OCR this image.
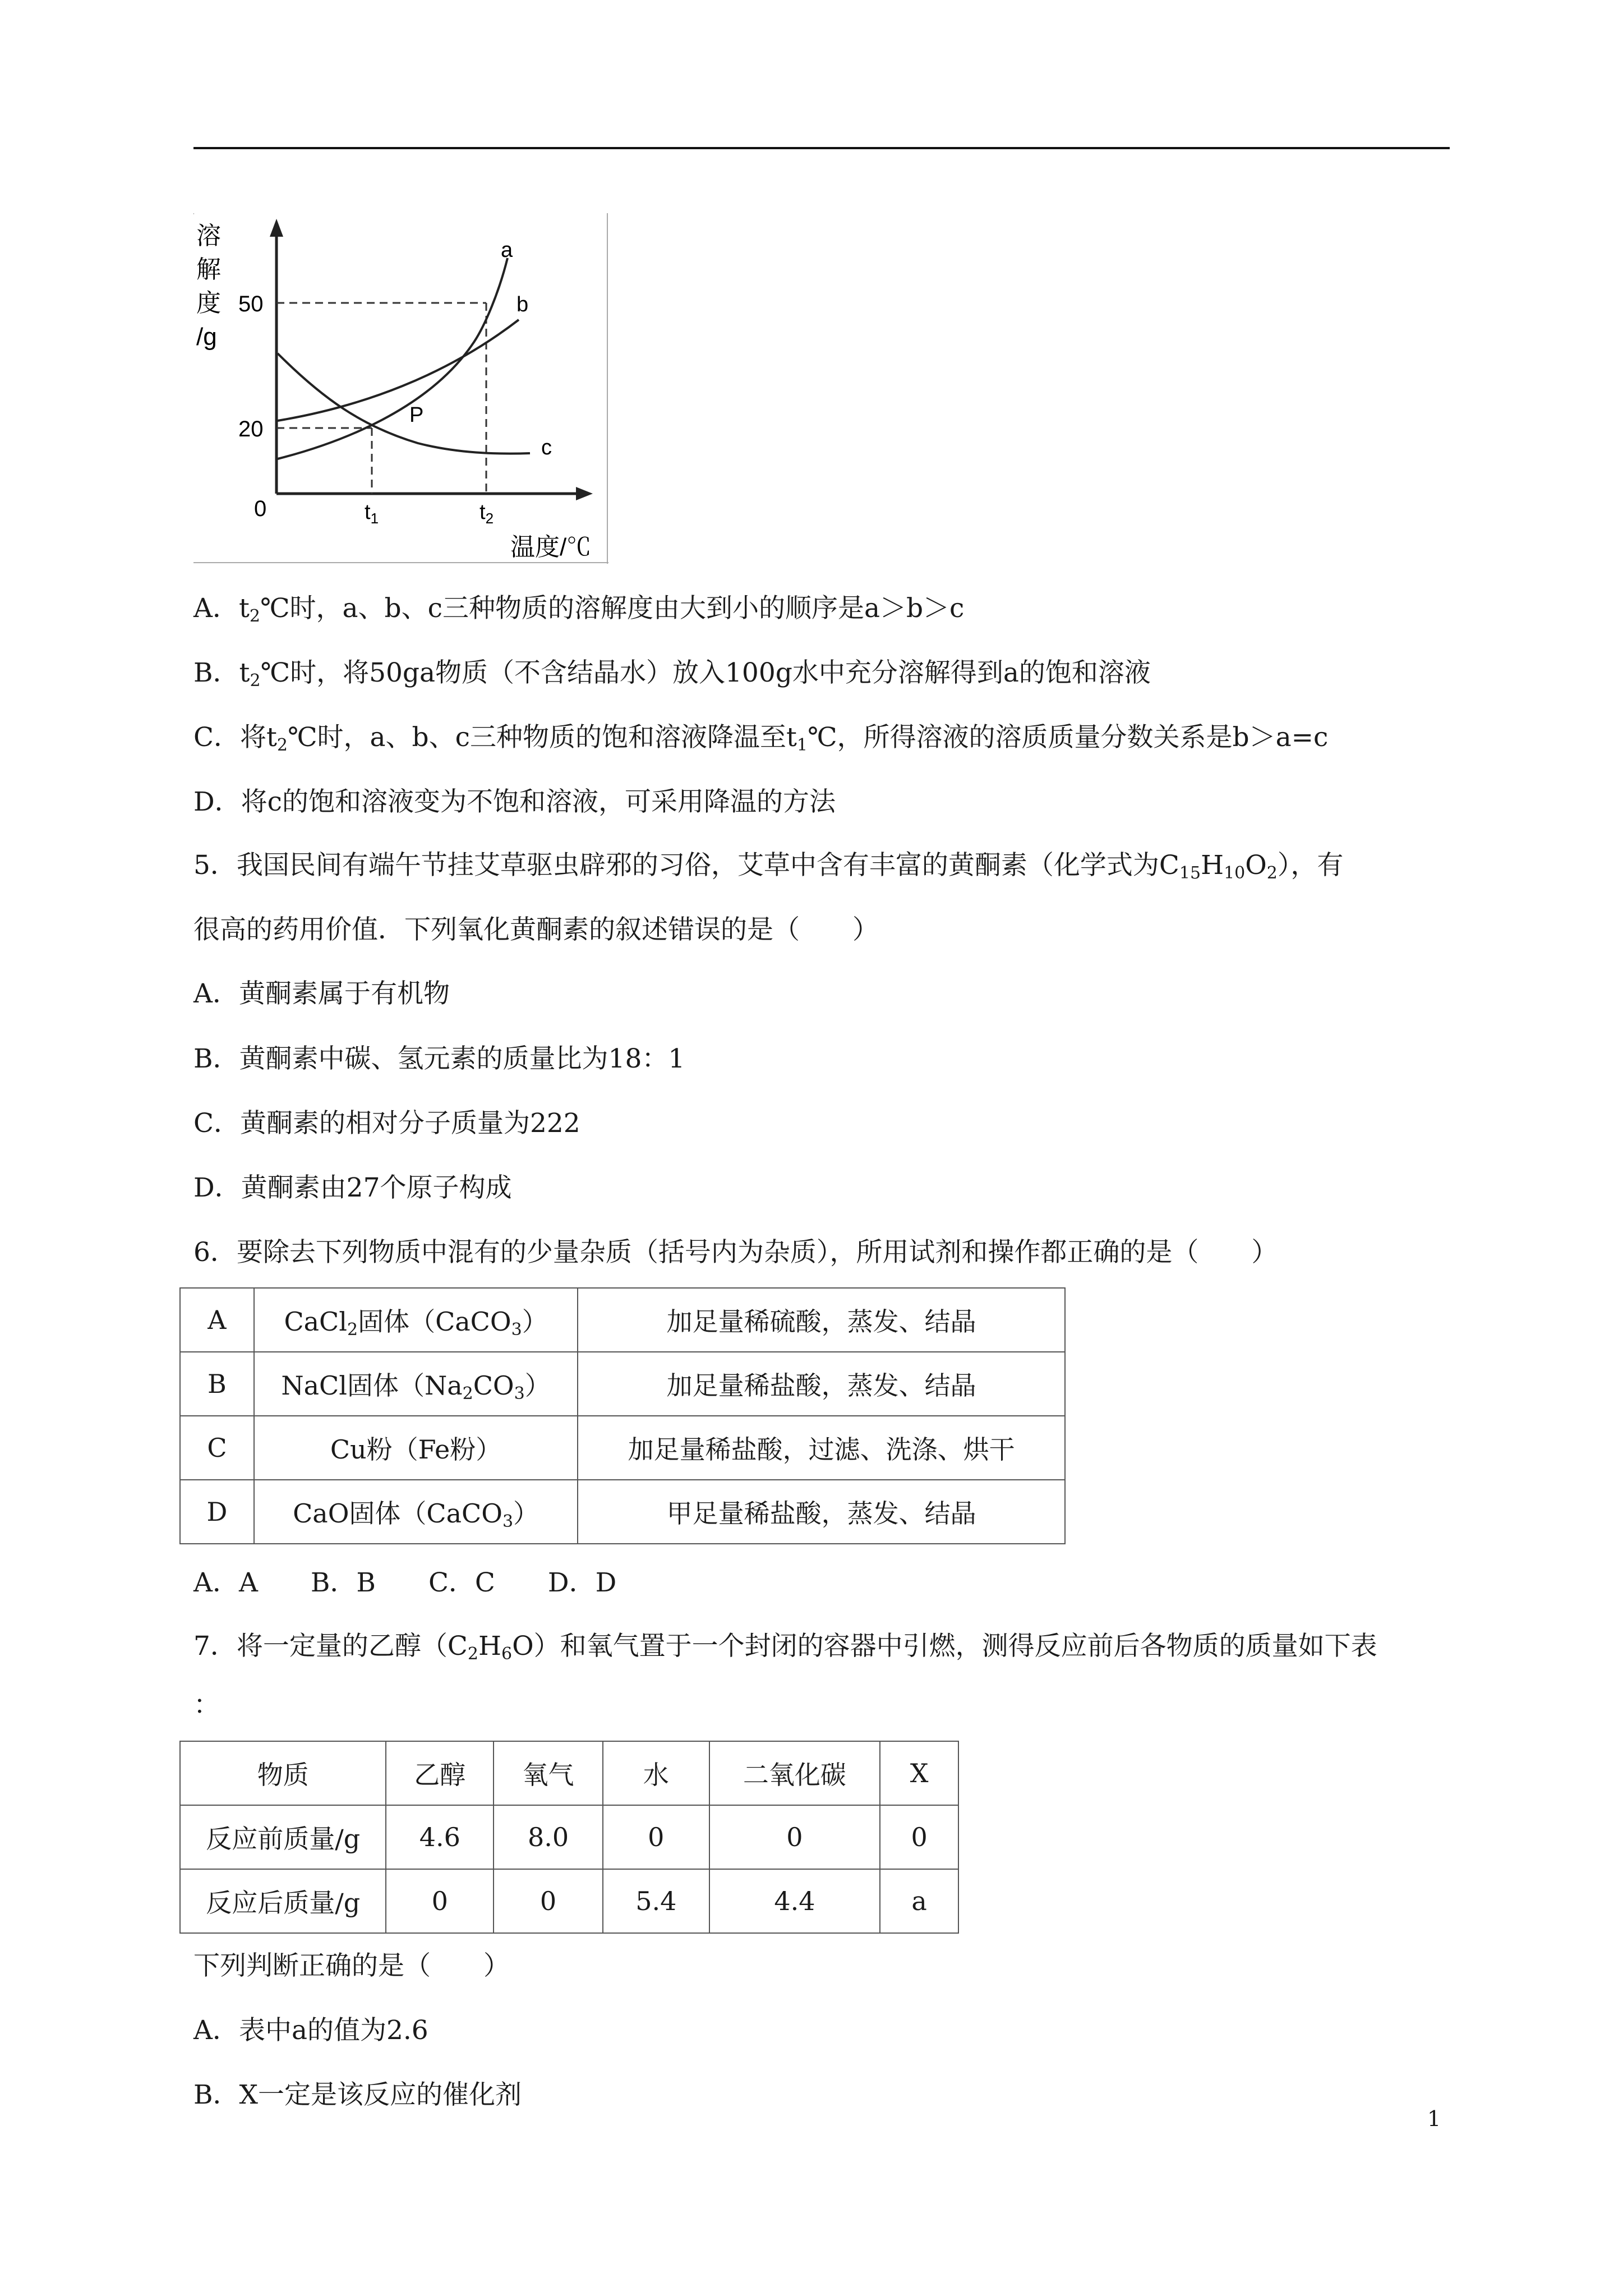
溶
解
度
/g
50
20
0	$t_1$	$t_2$
P
a
b
c
温度/℃
A．$t_2℃$时，a、b、c三种物质的溶解度由大到小的顺序是a＞b＞c
B．$t_2℃$时，将50ga物质（不含结晶水）放入100g水中充分溶解得到a的饱和溶液
C．将$t_2℃$时，a、b、c三种物质的饱和溶液降温至$t_1℃$，所得溶液的溶质质量分数关系是b＞a=c
D．将c的饱和溶液变为不饱和溶液，可采用降温的方法
5．我国民间有端午节挂艾草驱虫辟邪的习俗，艾草中含有丰富的黄酮素（化学式为$C_{15}H_{10}O_2$），有
很高的药用价值．下列氧化黄酮素的叙述错误的是（　　）
A．黄酮素属于有机物
B．黄酮素中碳、氢元素的质量比为18：1
C．黄酮素的相对分子质量为222
D．黄酮素由27个原子构成
6．要除去下列物质中混有的少量杂质（括号内为杂质），所用试剂和操作都正确的是（　　）
A	CaCl$_2$固体（CaCO$_3$）	加足量稀硫酸，蒸发、结晶
B	NaCl固体$(Na_2CO_3)$	加足量稀盐酸，蒸发、结晶
C	Cu粉（Fe粉）	加足量稀盐酸，过滤、洗涤、烘干
D	CaO固体（CaCO$_3$）	甲足量稀盐酸，蒸发、结晶
A．A　　B．B　　C．C　　D．D
7．将一定量的乙醇$(C_2H_6O)$和氧气置于一个封闭的容器中引燃，测得反应前后各物质的质量如下表
：
物质	乙醇	氧气	水	二氧化碳	X
反应前质量/g	4.6	8.0	0	0	0
反应后质量/g	0	0	5.4	4.4	a
下列判断正确的是（　　）
A．表中a的值为2.6
B．X一定是该反应的催化剂
1
